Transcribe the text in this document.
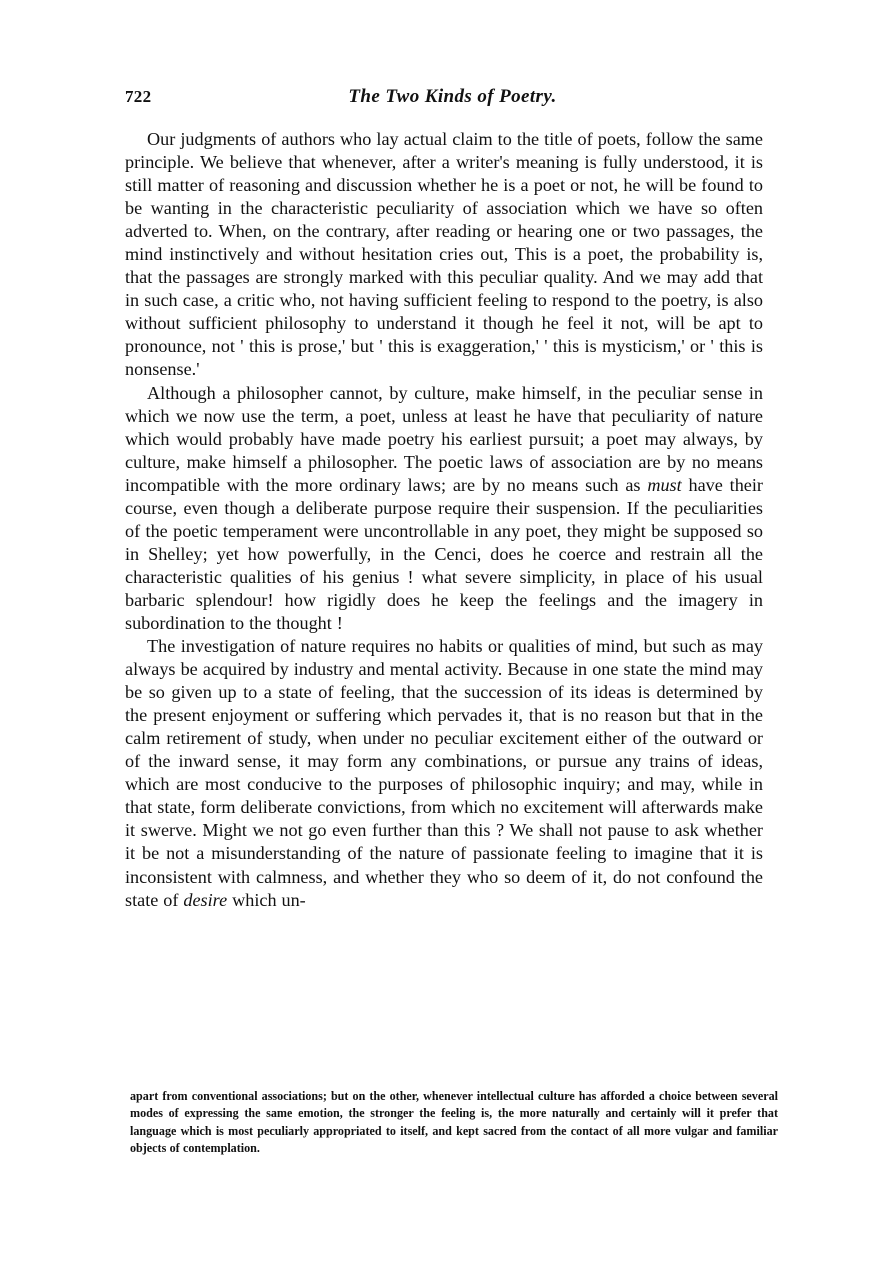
722	The Two Kinds of Poetry.

Our judgments of authors who lay actual claim to the title of poets, follow the same principle. We believe that whenever, after a writer's meaning is fully understood, it is still matter of reasoning and discussion whether he is a poet or not, he will be found to be wanting in the characteristic peculiarity of association which we have so often adverted to. When, on the contrary, after reading or hearing one or two passages, the mind instinctively and without hesitation cries out, This is a poet, the probability is, that the passages are strongly marked with this peculiar quality. And we may add that in such case, a critic who, not having sufficient feeling to respond to the poetry, is also without sufficient philosophy to understand it though he feel it not, will be apt to pronounce, not ' this is prose,' but ' this is exaggeration,' ' this is mysticism,' or ' this is nonsense.'

Although a philosopher cannot, by culture, make himself, in the peculiar sense in which we now use the term, a poet, unless at least he have that peculiarity of nature which would probably have made poetry his earliest pursuit; a poet may always, by culture, make himself a philosopher. The poetic laws of association are by no means incompatible with the more ordinary laws; are by no means such as must have their course, even though a deliberate purpose require their suspension. If the peculiarities of the poetic temperament were uncontrollable in any poet, they might be supposed so in Shelley; yet how powerfully, in the Cenci, does he coerce and restrain all the characteristic qualities of his genius ! what severe simplicity, in place of his usual barbaric splendour! how rigidly does he keep the feelings and the imagery in subordination to the thought !

The investigation of nature requires no habits or qualities of mind, but such as may always be acquired by industry and mental activity. Because in one state the mind may be so given up to a state of feeling, that the succession of its ideas is determined by the present enjoyment or suffering which pervades it, that is no reason but that in the calm retirement of study, when under no peculiar excitement either of the outward or of the inward sense, it may form any combinations, or pursue any trains of ideas, which are most conducive to the purposes of philosophic inquiry; and may, while in that state, form deliberate convictions, from which no excitement will afterwards make it swerve. Might we not go even further than this ? We shall not pause to ask whether it be not a misunderstanding of the nature of passionate feeling to imagine that it is inconsistent with calmness, and whether they who so deem of it, do not confound the state of desire which un-

apart from conventional associations; but on the other, whenever intellectual culture has afforded a choice between several modes of expressing the same emotion, the stronger the feeling is, the more naturally and certainly will it prefer that language which is most peculiarly appropriated to itself, and kept sacred from the contact of all more vulgar and familiar objects of contemplation.
